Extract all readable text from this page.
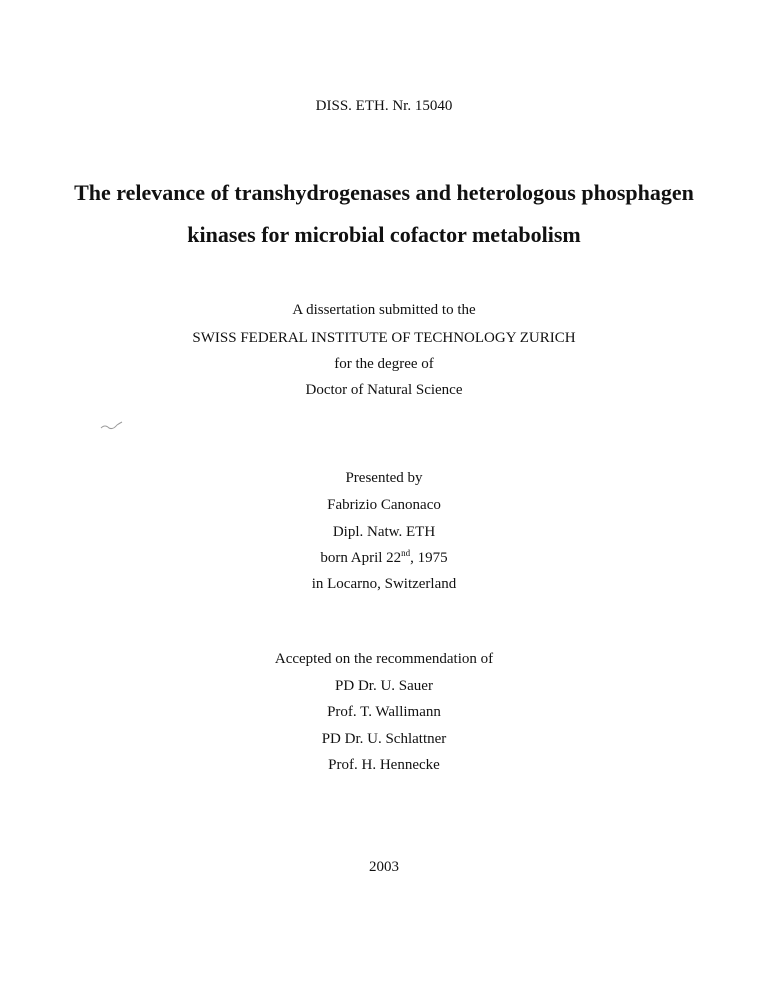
DISS. ETH. Nr. 15040
The relevance of transhydrogenases and heterologous phosphagen
kinases for microbial cofactor metabolism
A dissertation submitted to the
SWISS FEDERAL INSTITUTE OF TECHNOLOGY ZURICH
for the degree of
Doctor of Natural Science
Presented by
Fabrizio Canonaco
Dipl. Natw. ETH
born April 22nd, 1975
in Locarno, Switzerland
Accepted on the recommendation of
PD Dr. U. Sauer
Prof. T. Wallimann
PD Dr. U. Schlattner
Prof. H. Hennecke
2003
